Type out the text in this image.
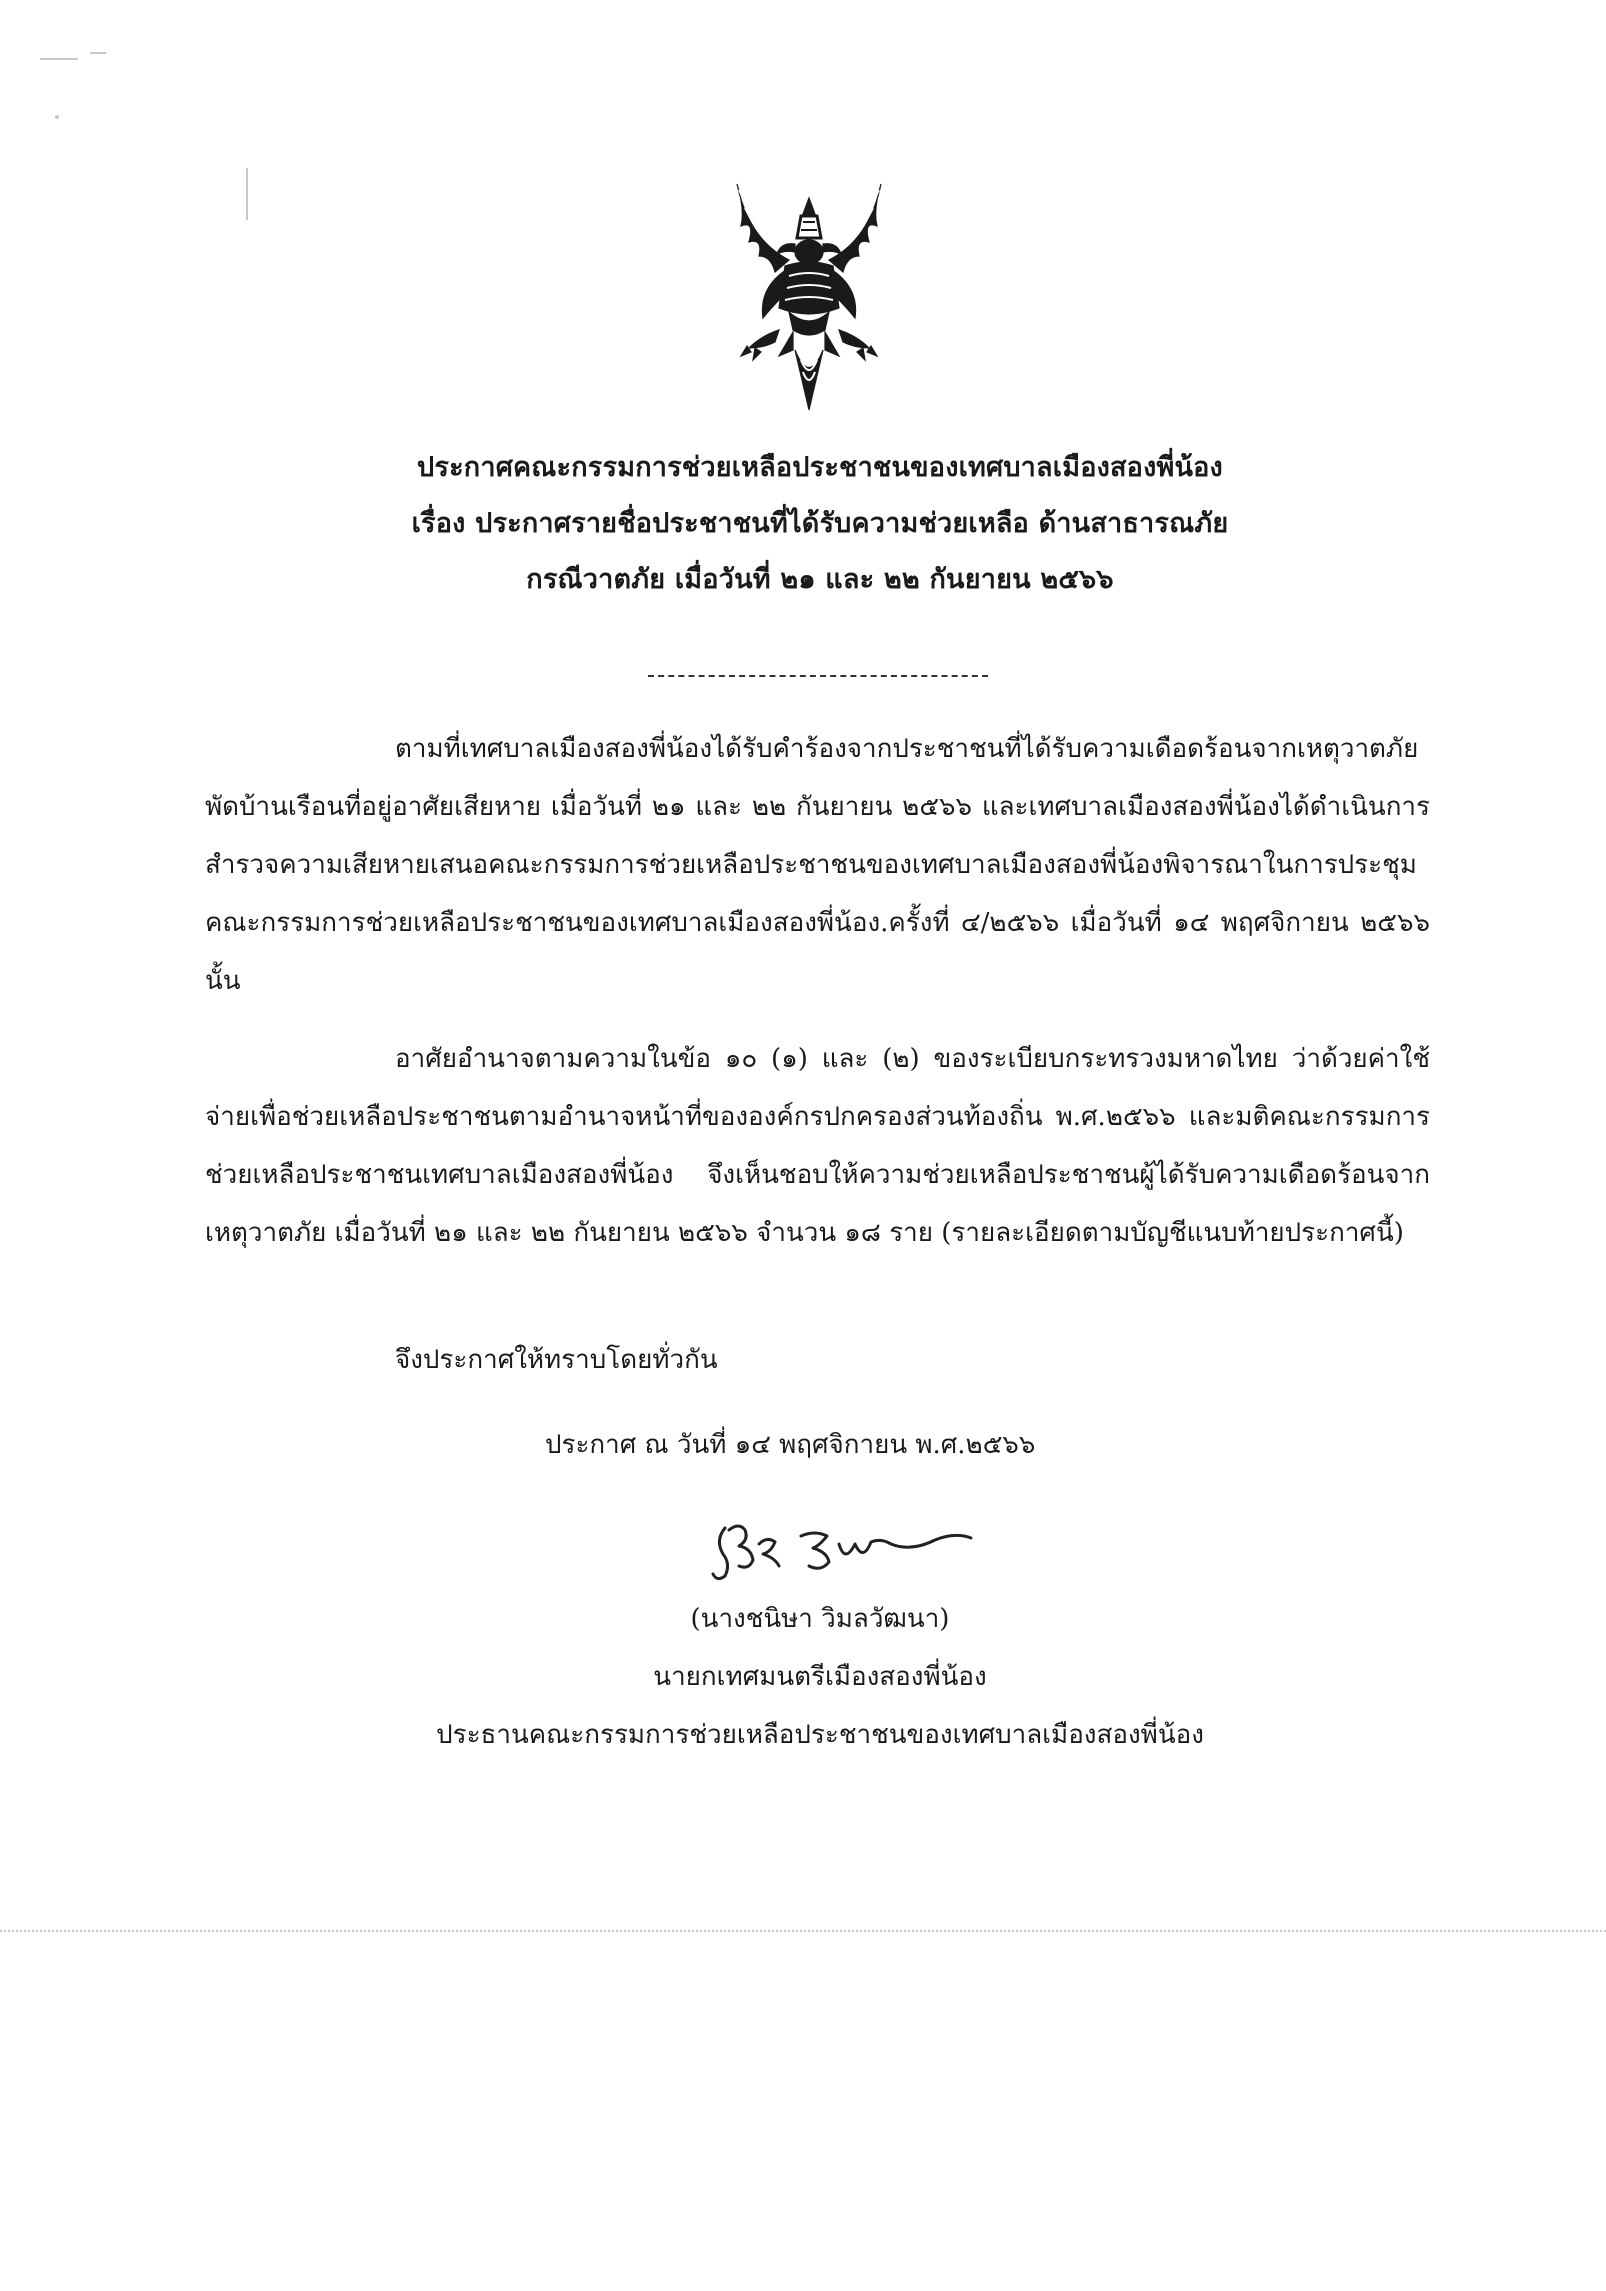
ประกาศคณะกรรมการช่วยเหลือประชาชนของเทศบาลเมืองสองพี่น้อง
เรื่อง ประกาศรายชื่อประชาชนที่ได้รับความช่วยเหลือ ด้านสาธารณภัย
กรณีวาตภัย เมื่อวันที่ ๒๑ และ ๒๒ กันยายน ๒๕๖๖
ตามที่เทศบาลเมืองสองพี่น้องได้รับคำร้องจากประชาชนที่ได้รับความเดือดร้อนจากเหตุวาตภัย พัดบ้านเรือนที่อยู่อาศัยเสียหาย เมื่อวันที่ ๒๑ และ ๒๒ กันยายน ๒๕๖๖ และเทศบาลเมืองสองพี่น้องได้ดำเนินการสำรวจความเสียหายเสนอคณะกรรมการช่วยเหลือประชาชนของเทศบาลเมืองสองพี่น้องพิจารณาในการประชุมคณะกรรมการช่วยเหลือประชาชนของเทศบาลเมืองสองพี่น้อง.ครั้งที่ ๔/๒๕๖๖ เมื่อวันที่ ๑๔ พฤศจิกายน ๒๕๖๖ นั้น
อาศัยอำนาจตามความในข้อ ๑๐ (๑) และ (๒) ของระเบียบกระทรวงมหาดไทย ว่าด้วยค่าใช้จ่ายเพื่อช่วยเหลือประชาชนตามอำนาจหน้าที่ขององค์กรปกครองส่วนท้องถิ่น พ.ศ.๒๕๖๖ และมติคณะกรรมการช่วยเหลือประชาชนเทศบาลเมืองสองพี่น้อง จึงเห็นชอบให้ความช่วยเหลือประชาชนผู้ได้รับความเดือดร้อนจากเหตุวาตภัย เมื่อวันที่ ๒๑ และ ๒๒ กันยายน ๒๕๖๖ จำนวน ๑๘ ราย (รายละเอียดตามบัญชีแนบท้ายประกาศนี้)
จึงประกาศให้ทราบโดยทั่วกัน
ประกาศ ณ วันที่ ๑๔ พฤศจิกายน พ.ศ.๒๕๖๖
(นางชนิษา วิมลวัฒนา)
นายกเทศมนตรีเมืองสองพี่น้อง
ประธานคณะกรรมการช่วยเหลือประชาชนของเทศบาลเมืองสองพี่น้อง
